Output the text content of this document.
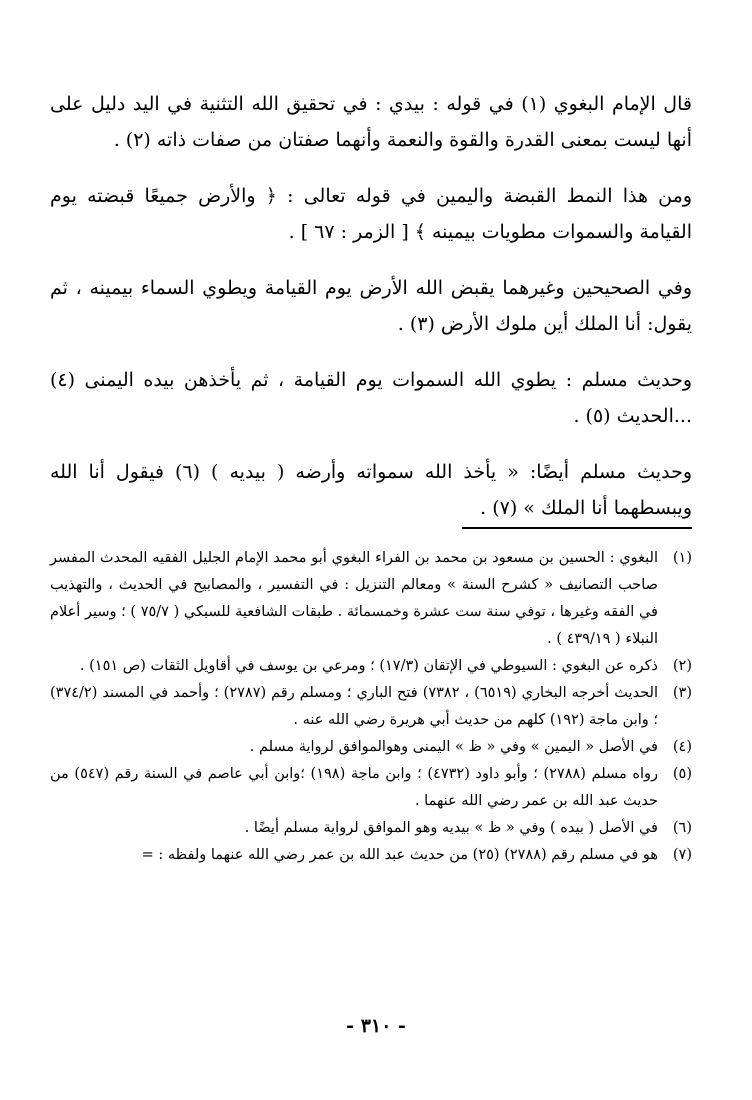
قال الإمام البغوي (١) في قوله : بيدي : في تحقيق الله التثنية في اليد دليل على أنها ليست بمعنى القدرة والقوة والنعمة وأنهما صفتان من صفات ذاته (٢) .

ومن هذا النمط القبضة واليمين في قوله تعالى : ﴿ والأرض جميعًا قبضته يوم القيامة والسموات مطويات بيمينه ﴾ [ الزمر : ٦٧ ] .

وفي الصحيحين وغيرهما يقبض الله الأرض يوم القيامة ويطوي السماء بيمينه ، ثم يقول: أنا الملك أين ملوك الأرض (٣) .

وحديث مسلم : يطوي الله السموات يوم القيامة ، ثم يأخذهن بيده اليمنى (٤) ...الحديث (٥) .

وحديث مسلم أيضًا: « يأخذ الله سمواته وأرضه ( بيديه ) (٦) فيقول أنا الله ويبسطهما أنا الملك » (٧) .

(١)
البغوي : الحسين بن مسعود بن محمد بن الفراء البغوي أبو محمد الإمام الجليل الفقيه المحدث المفسر صاحب التصانيف « كشرح السنة » ومعالم التنزيل : في التفسير ، والمصابيح في الحديث ، والتهذيب في الفقه وغيرها ، توفي سنة ست عشرة وخمسمائة . طبقات الشافعية للسبكي ( ٧٥/٧ ) ؛ وسير أعلام النبلاء ( ٤٣٩/١٩ ) .
(٢)
ذكره عن البغوي : السيوطي في الإتقان (١٧/٣) ؛ ومرعي بن يوسف في أقاويل الثقات (ص ١٥١) .
(٣)
الحديث أخرجه البخاري (٦٥١٩) ، ٧٣٨٢) فتح الباري ؛ ومسلم رقم (٢٧٨٧) ؛ وأحمد في المسند (٣٧٤/٢) ؛ وابن ماجة (١٩٢) كلهم من حديث أبي هريرة رضي الله عنه .
(٤)
في الأصل « اليمين » وفي « ظ » اليمنى وهوالموافق لرواية مسلم .
(٥)
رواه مسلم (٢٧٨٨) ؛ وأبو داود (٤٧٣٢) ؛ وابن ماجة (١٩٨) ؛وابن أبي عاصم في السنة رقم (٥٤٧) من حديث عبد الله بن عمر رضي الله عنهما .
(٦)
في الأصل ( بيده ) وفي « ظ » بيديه وهو الموافق لرواية مسلم أيضًا .
(٧)
هو في مسلم رقم (٢٧٨٨) (٢٥) من حديث عبد الله بن عمر رضي الله عنهما ولفظه : =
- ٣١٠ -
